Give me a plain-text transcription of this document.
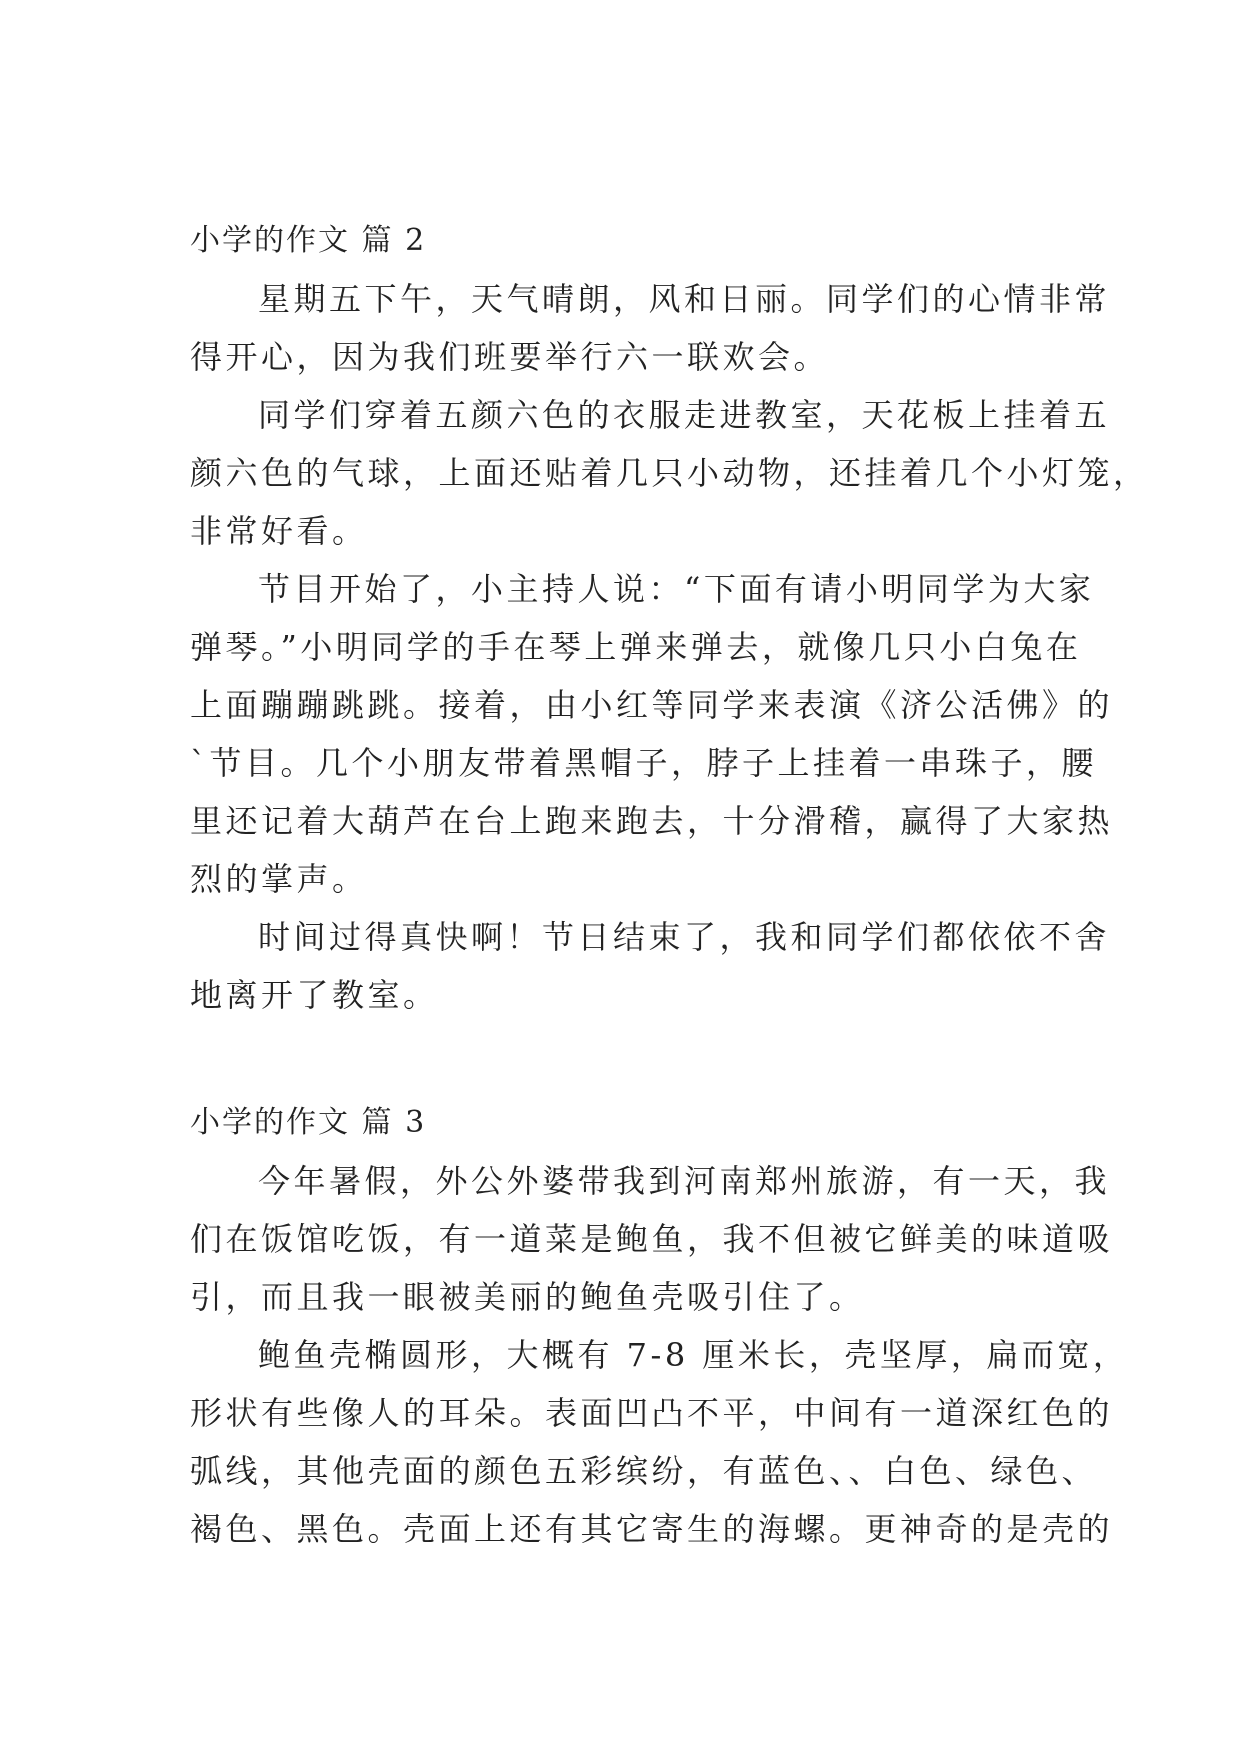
小学的作文 篇 2
星期五下午，天气晴朗，风和日丽。同学们的心情非常
得开心，因为我们班要举行六一联欢会。
同学们穿着五颜六色的衣服走进教室，天花板上挂着五
颜六色的气球，上面还贴着几只小动物，还挂着几个小灯笼，
非常好看。
节目开始了，小主持人说：“下面有请小明同学为大家
弹琴。”小明同学的手在琴上弹来弹去，就像几只小白兔在
上面蹦蹦跳跳。接着，由小红等同学来表演《济公活佛》的
`节目。几个小朋友带着黑帽子，脖子上挂着一串珠子，腰
里还记着大葫芦在台上跑来跑去，十分滑稽，赢得了大家热
烈的掌声。
时间过得真快啊！节日结束了，我和同学们都依依不舍
地离开了教室。
小学的作文 篇 3
今年暑假，外公外婆带我到河南郑州旅游，有一天，我
们在饭馆吃饭，有一道菜是鲍鱼，我不但被它鲜美的味道吸
引，而且我一眼被美丽的鲍鱼壳吸引住了。
鲍鱼壳椭圆形，大概有 7-8 厘米长，壳坚厚，扁而宽，
形状有些像人的耳朵。表面凹凸不平，中间有一道深红色的
弧线，其他壳面的颜色五彩缤纷，有蓝色、、白色、绿色、
褐色、黑色。壳面上还有其它寄生的海螺。更神奇的是壳的
